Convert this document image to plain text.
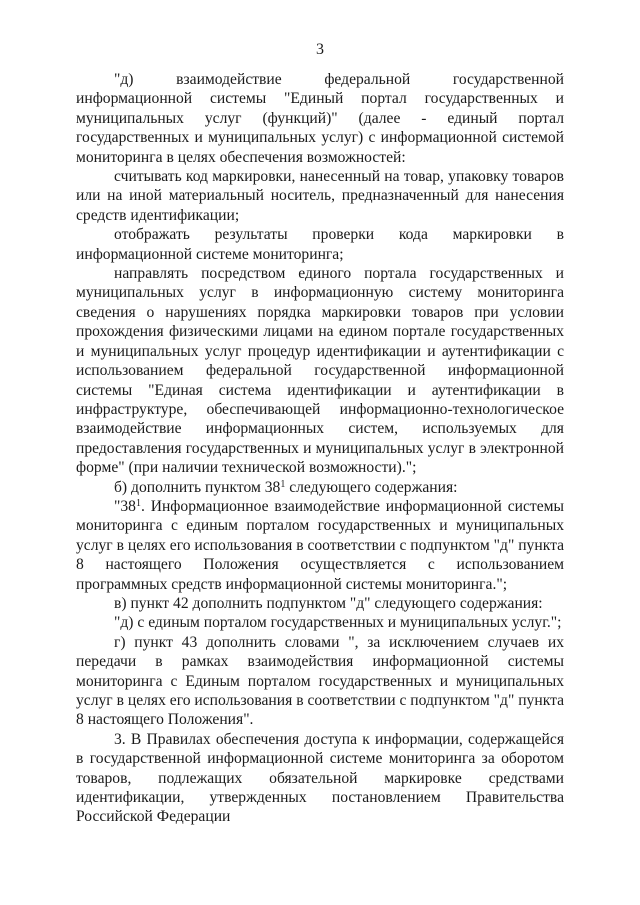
3

"д) взаимодействие федеральной государственной информационной системы "Единый портал государственных и муниципальных услуг (функций)" (далее - единый портал государственных и муниципальных услуг) с информационной системой мониторинга в целях обеспечения возможностей:

считывать код маркировки, нанесенный на товар, упаковку товаров или на иной материальный носитель, предназначенный для нанесения средств идентификации;

отображать результаты проверки кода маркировки в информационной системе мониторинга;

направлять посредством единого портала государственных и муниципальных услуг в информационную систему мониторинга сведения о нарушениях порядка маркировки товаров при условии прохождения физическими лицами на едином портале государственных и муниципальных услуг процедур идентификации и аутентификации с использованием федеральной государственной информационной системы "Единая система идентификации и аутентификации в инфраструктуре, обеспечивающей информационно-технологическое взаимодействие информационных систем, используемых для предоставления государственных и муниципальных услуг в электронной форме" (при наличии технической возможности).";

б) дополнить пунктом $38^1$ следующего содержания:

"$38^1$. Информационное взаимодействие информационной системы мониторинга с единым порталом государственных и муниципальных услуг в целях его использования в соответствии с подпунктом "д" пункта 8 настоящего Положения осуществляется с использованием программных средств информационной системы мониторинга.";

в) пункт 42 дополнить подпунктом "д" следующего содержания:

"д) с единым порталом государственных и муниципальных услуг.";

г) пункт 43 дополнить словами ", за исключением случаев их передачи в рамках взаимодействия информационной системы мониторинга с Единым порталом государственных и муниципальных услуг в целях его использования в соответствии с подпунктом "д" пункта 8 настоящего Положения".

3. В Правилах обеспечения доступа к информации, содержащейся в государственной информационной системе мониторинга за оборотом товаров, подлежащих обязательной маркировке средствами идентификации, утвержденных постановлением Правительства Российской Федерации
